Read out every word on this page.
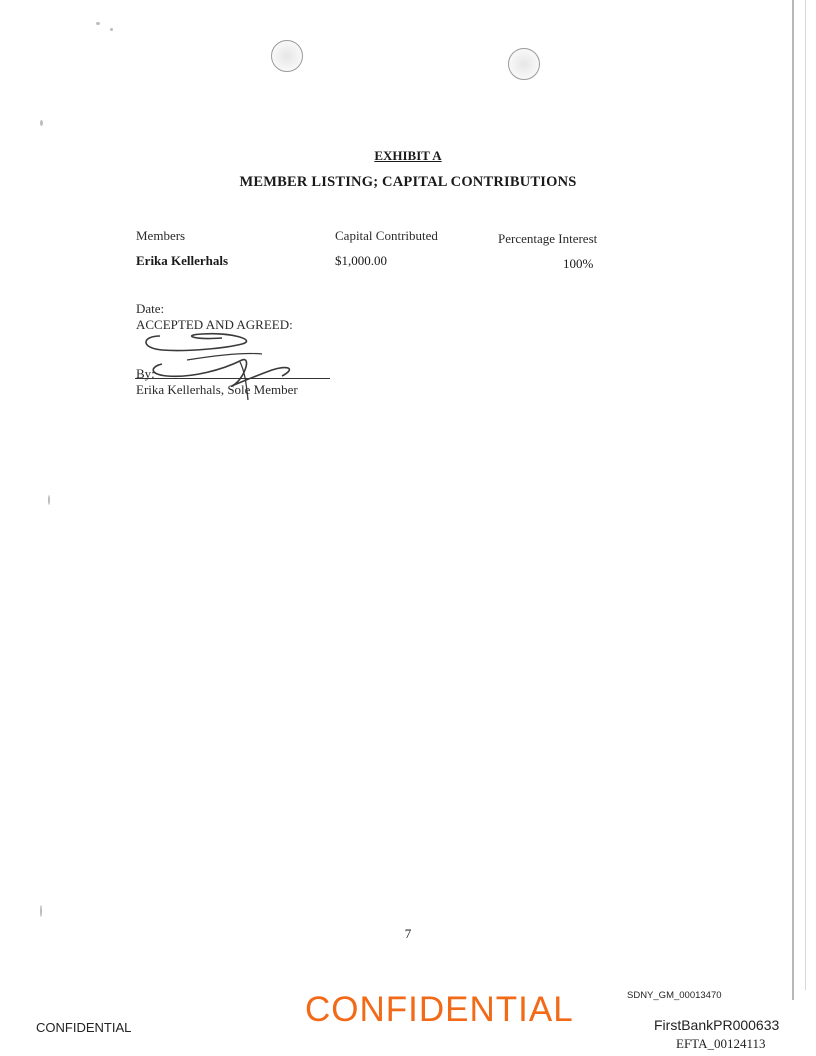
EXHIBIT A
MEMBER LISTING; CAPITAL CONTRIBUTIONS
Members	Capital Contributed	Percentage Interest
Erika Kellerhals	$1,000.00	100%
Date:
ACCEPTED AND AGREED:
By:
Erika Kellerhals, Sole Member
7
CONFIDENTIAL	CONFIDENTIAL	SDNY_GM_00013470
FirstBankPR000633
EFTA_00124113
